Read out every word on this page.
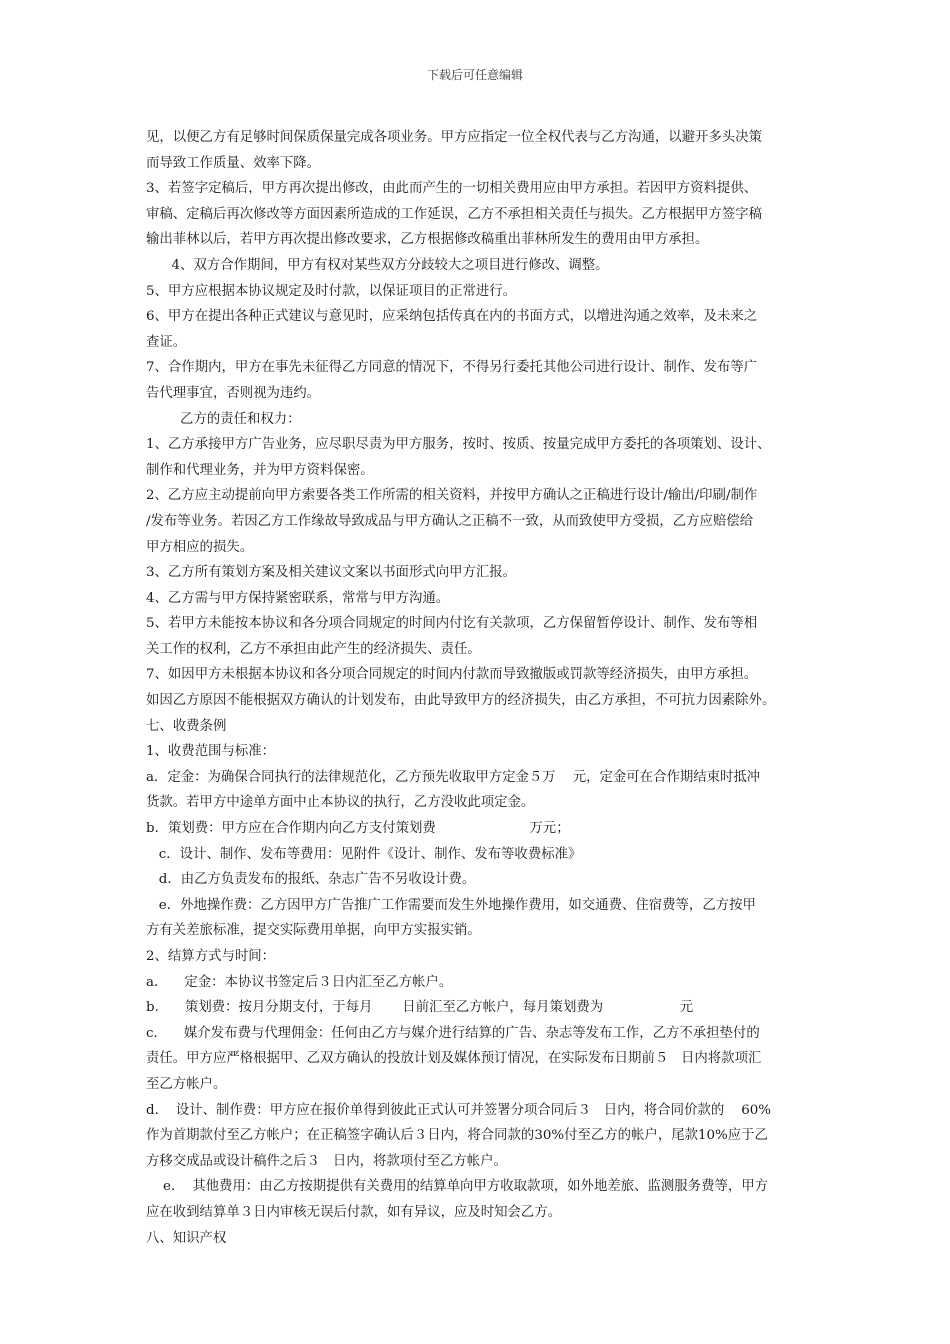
下载后可任意编辑
见，以便乙方有足够时间保质保量完成各项业务。甲方应指定一位全权代表与乙方沟通，以避开多头决策
而导致工作质量、效率下降。
3、若签字定稿后，甲方再次提出修改，由此而产生的一切相关费用应由甲方承担。若因甲方资料提供、
审稿、定稿后再次修改等方面因素所造成的工作延误，乙方不承担相关责任与损失。乙方根据甲方签字稿
输出菲林以后，若甲方再次提出修改要求，乙方根据修改稿重出菲林所发生的费用由甲方承担。
4、双方合作期间，甲方有权对某些双方分歧较大之项目进行修改、调整。
5、甲方应根据本协议规定及时付款，以保证项目的正常进行。
6、甲方在提出各种正式建议与意见时，应采纳包括传真在内的书面方式，以增进沟通之效率，及未来之
查证。
7、合作期内，甲方在事先未征得乙方同意的情况下，不得另行委托其他公司进行设计、制作、发布等广
告代理事宜，否则视为违约。
乙方的责任和权力：
1、乙方承接甲方广告业务，应尽职尽责为甲方服务，按时、按质、按量完成甲方委托的各项策划、设计、
制作和代理业务，并为甲方资料保密。
2、乙方应主动提前向甲方索要各类工作所需的相关资料，并按甲方确认之正稿进行设计/输出/印刷/制作
/发布等业务。若因乙方工作缘故导致成品与甲方确认之正稿不一致，从而致使甲方受损，乙方应赔偿给
甲方相应的损失。
3、乙方所有策划方案及相关建议文案以书面形式向甲方汇报。
4、乙方需与甲方保持紧密联系，常常与甲方沟通。
5、若甲方未能按本协议和各分项合同规定的时间内付讫有关款项，乙方保留暂停设计、制作、发布等相
关工作的权利，乙方不承担由此产生的经济损失、责任。
7、如因甲方未根据本协议和各分项合同规定的时间内付款而导致撤版或罚款等经济损失，由甲方承担。
如因乙方原因不能根据双方确认的计划发布，由此导致甲方的经济损失，由乙方承担，不可抗力因素除外。
七、收费条例
1、收费范围与标准：
a．定金：为确保合同执行的法律规范化，乙方预先收取甲方定金５万    元，定金可在合作期结束时抵冲
货款。若甲方中途单方面中止本协议的执行，乙方没收此项定金。
b．策划费：甲方应在合作期内向乙方支付策划费                      万元；
c．设计、制作、发布等费用：见附件《设计、制作、发布等收费标准》
d．由乙方负责发布的报纸、杂志广告不另收设计费。
e．外地操作费：乙方因甲方广告推广工作需要而发生外地操作费用，如交通费、住宿费等，乙方按甲
方有关差旅标准，提交实际费用单据，向甲方实报实销。
2、结算方式与时间：
a．    定金：本协议书签定后３日内汇至乙方帐户。
b．    策划费：按月分期支付，于每月       日前汇至乙方帐户，每月策划费为                  元
c．    媒介发布费与代理佣金：任何由乙方与媒介进行结算的广告、杂志等发布工作，乙方不承担垫付的
责任。甲方应严格根据甲、乙双方确认的投放计划及媒体预订情况，在实际发布日期前５   日内将款项汇
至乙方帐户。
d.    设计、制作费：甲方应在报价单得到彼此正式认可并签署分项合同后３   日内，将合同价款的    60%
作为首期款付至乙方帐户；在正稿签字确认后３日内，将合同款的30%付至乙方的帐户，尾款10%应于乙
方移交成品或设计稿件之后３   日内，将款项付至乙方帐户。
e.    其他费用：由乙方按期提供有关费用的结算单向甲方收取款项，如外地差旅、监测服务费等，甲方
应在收到结算单３日内审核无误后付款，如有异议，应及时知会乙方。
八、知识产权
